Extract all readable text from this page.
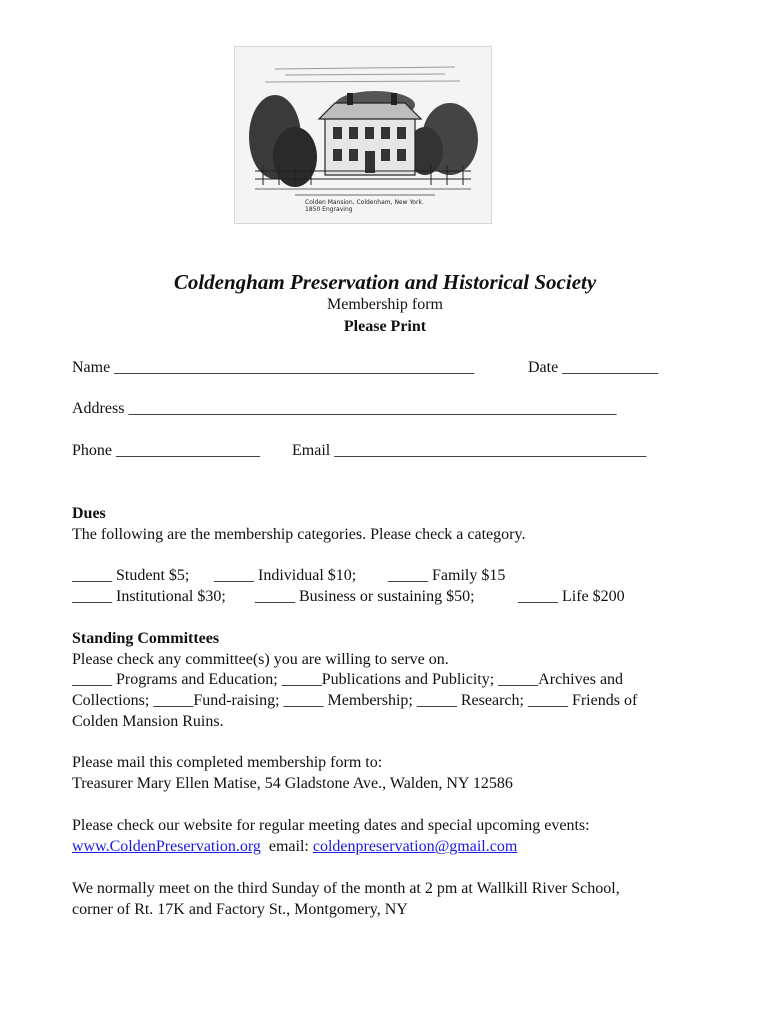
Colden Mansion, Coldenham, New York. 1850 Engraving
Coldengham Preservation and Historical Society
Membership form
Please Print
Name _____________________________________________	Date ____________
Address _____________________________________________________________
Phone __________________ Email _______________________________________
Dues
The following are the membership categories. Please check a category.
_____ Student $5; _____ Individual $10; _____ Family $15
_____ Institutional $30; _____ Business or sustaining $50;	_____ Life $200
Standing Committees
Please check any committee(s) you are willing to serve on.
_____ Programs and Education; _____Publications and Publicity; _____Archives and
Collections; _____Fund-raising; _____ Membership; _____ Research; _____ Friends of
Colden Mansion Ruins.
Please mail this completed membership form to:
Treasurer Mary Ellen Matise, 54 Gladstone Ave., Walden, NY 12586
Please check our website for regular meeting dates and special upcoming events:
www.ColdenPreservation.org email: coldenpreservation@gmail.com
We normally meet on the third Sunday of the month at 2 pm at Wallkill River School,
corner of Rt. 17K and Factory St., Montgomery, NY
